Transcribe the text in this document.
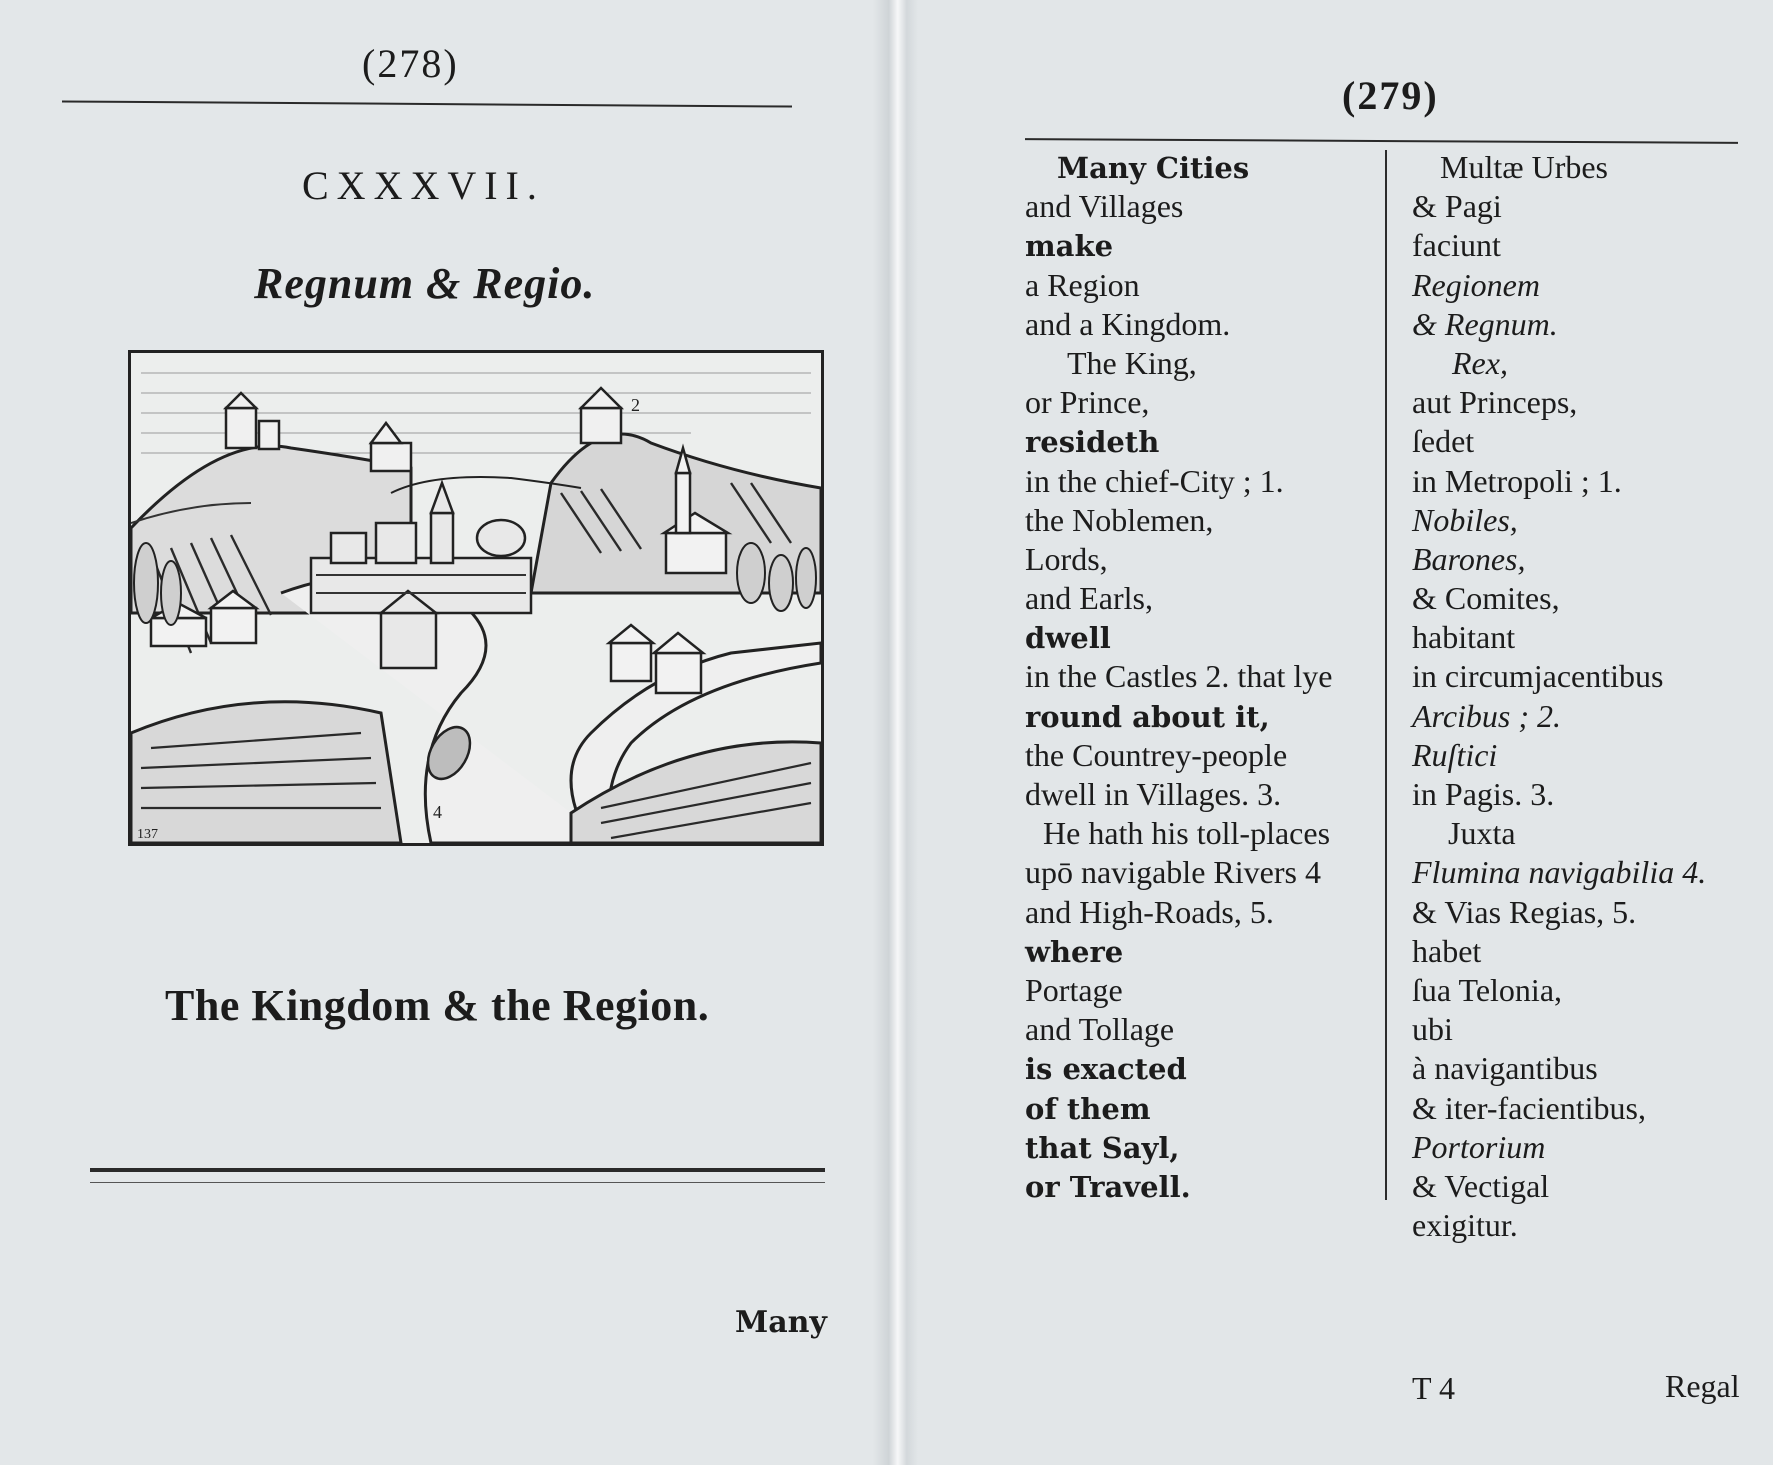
(278)
CXXXVII.
Regnum & Regio.
2
4
137
The Kingdom & the Region.
Many
(279)
Many Cities
and Villages
make
a Region
and a Kingdom.
The King,
or Prince,
resideth
in the chief-City ; 1.
the Noblemen,
Lords,
and Earls,
dwell
in the Castles 2. that lye
round about it,
the Countrey-people
dwell in Villages. 3.
He hath his toll-places
upō navigable Rivers 4
and High-Roads, 5.
where
Portage
and Tollage
is exacted
of them
that Sayl,
or Travell.
Multæ Urbes
& Pagi
faciunt
Regionem
& Regnum.
Rex,
aut Princeps,
ſedet
in Metropoli ; 1.
Nobiles,
Barones,
& Comites,
habitant
in circumjacentibus
Arcibus ; 2.
Ruſtici
in Pagis. 3.
Juxta
Flumina navigabilia 4.
& Vias Regias, 5.
habet
ſua Telonia,
ubi
à navigantibus
& iter-facientibus,
Portorium
& Vectigal
exigitur.
T 4	Regal
